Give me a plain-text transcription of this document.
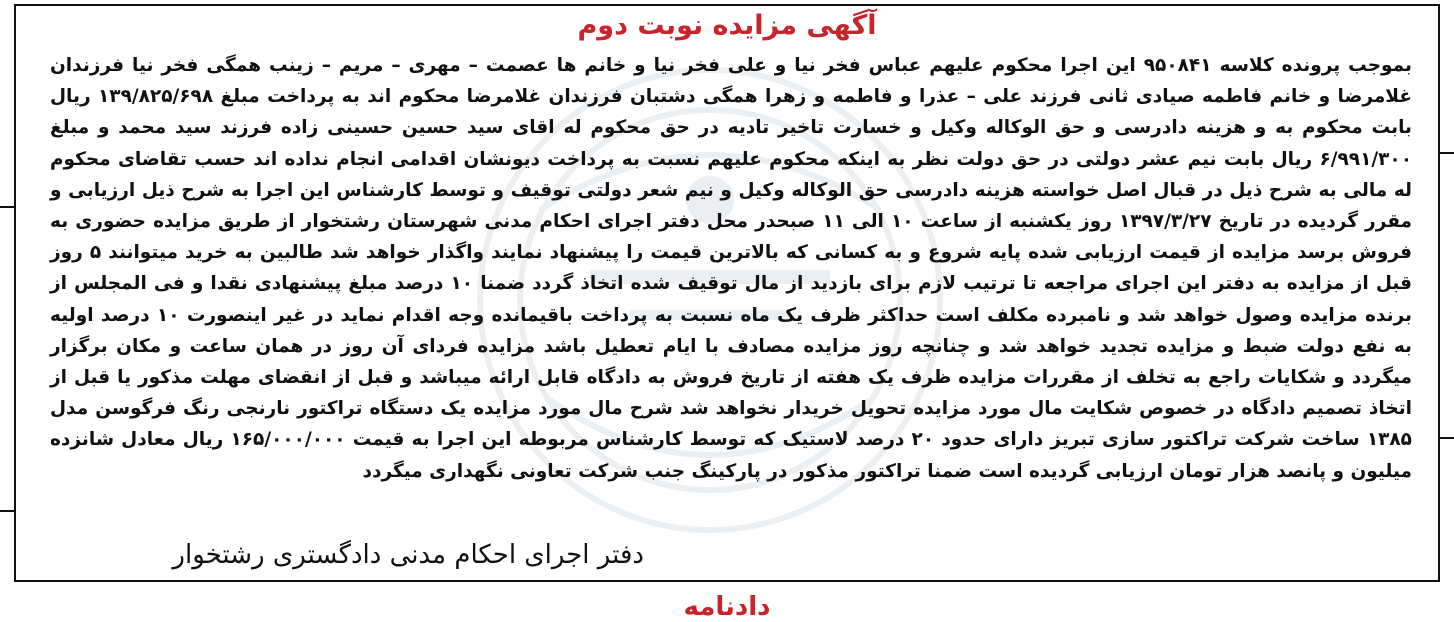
آگهی مزایده نوبت دوم

بموجب پرونده کلاسه ۹۵۰۸۴۱ این اجرا محکوم علیهم عباس فخر نیا و علی فخر نیا و خانم ها عصمت – مهری – مریم – زینب همگی فخر نیا فرزندان غلامرضا و خانم فاطمه صیادی ثانی فرزند علی – عذرا و فاطمه و زهرا همگی دشتبان فرزندان غلامرضا محکوم اند به پرداخت مبلغ ۱۳۹/۸۲۵/۶۹۸ ریال بابت محکوم به و هزینه دادرسی و حق الوکاله وکیل و خسارت تاخیر تادیه در حق محکوم له اقای سید حسین حسینی زاده فرزند سید محمد و مبلغ ۶/۹۹۱/۳۰۰ ریال بابت نیم عشر دولتی در حق دولت نظر به اینکه محکوم علیهم نسبت به پرداخت دیونشان اقدامی انجام نداده اند حسب تقاضای محکوم له مالی به شرح ذیل در قبال اصل خواسته هزینه دادرسی حق الوکاله وکیل و نیم شعر دولتی توقیف و توسط کارشناس این اجرا به شرح ذیل ارزیابی و مقرر گردیده در تاریخ ۱۳۹۷/۳/۲۷ روز یکشنبه از ساعت ۱۰ الی ۱۱ صبحدر محل دفتر اجرای احکام مدنی شهرستان رشتخوار از طریق مزایده حضوری به فروش برسد مزایده از قیمت ارزیابی شده پایه شروع و به کسانی که بالاترین قیمت را پیشنهاد نمایند واگذار خواهد شد طالبین به خرید میتوانند ۵ روز قبل از مزایده به دفتر این اجرای مراجعه تا ترتیب لازم برای بازدید از مال توقیف شده اتخاذ گردد ضمنا ۱۰ درصد مبلغ پیشنهادی نقدا و فی المجلس از برنده مزایده وصول خواهد شد و نامبرده مکلف است حداکثر ظرف یک ماه نسبت به پرداخت باقیمانده وجه اقدام نماید در غیر اینصورت ۱۰ درصد اولیه به نفع دولت ضبط و مزایده تجدید خواهد شد و چنانچه روز مزایده مصادف با ایام تعطیل باشد مزایده فردای آن روز در همان ساعت و مکان برگزار میگردد و شکایات راجع به تخلف از مقررات مزایده ظرف یک هفته از تاریخ فروش به دادگاه قابل ارائه میباشد و قبل از انقضای مهلت مذکور یا قبل از اتخاذ تصمیم دادگاه در خصوص شکایت مال مورد مزایده تحویل خریدار نخواهد شد شرح مال مورد مزایده یک دستگاه تراکتور نارنجی رنگ فرگوسن مدل ۱۳۸۵ ساخت شرکت تراکتور سازی تبریز دارای حدود ۲۰ درصد لاستیک که توسط کارشناس مربوطه این اجرا به قیمت ۱۶۵/۰۰۰/۰۰۰ ریال معادل شانزده میلیون و پانصد هزار تومان ارزیابی گردیده است ضمنا تراکتور مذکور در پارکینگ جنب شرکت تعاونی نگهداری میگردد

دفتر اجرای احکام مدنی دادگستری رشتخوار
دادنامه
